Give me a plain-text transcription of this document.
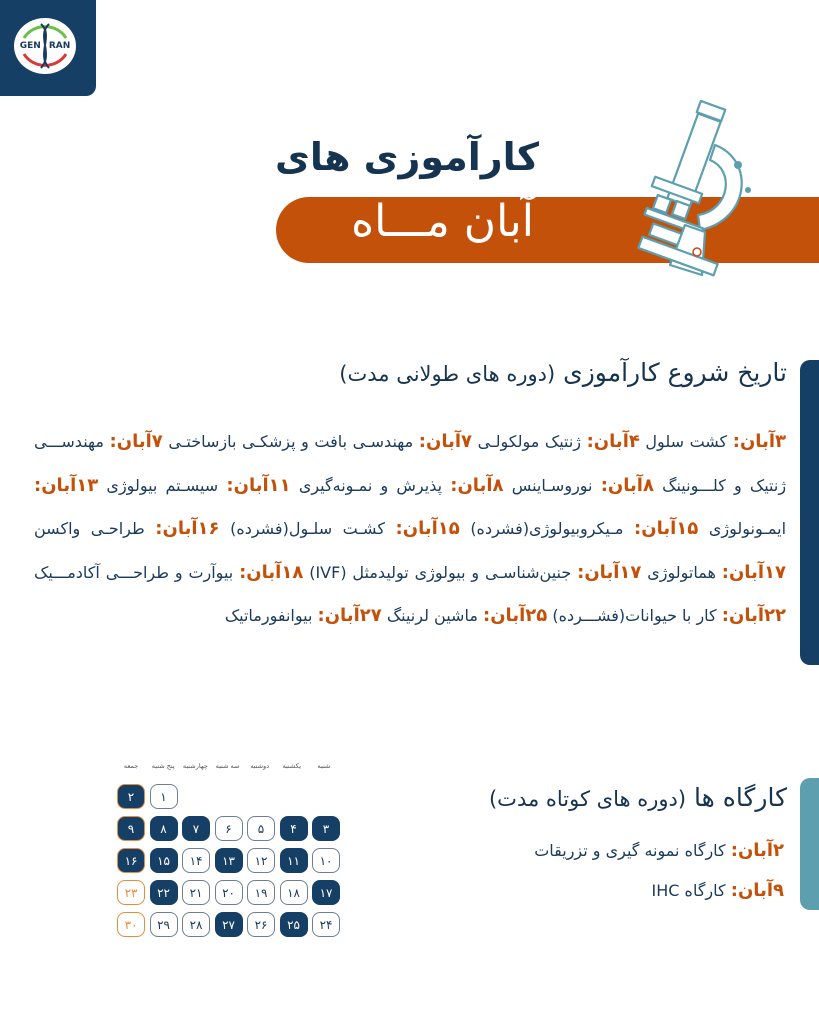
GEN RAN
کارآموزی های
آبان مـــاه
تاریخ شروع کارآموزی (دوره های طولانی مدت)
۳آبان: کشت سلول ۴آبان: ژنتیک مولکولـی ۷آبان: مهندسـی بافت و پزشکـی بازساختـی ۷آبان: مهندســـی ژنتیک و کلـــونینگ ۸آبان: نوروسـاینس ۸آبان: پذیرش و نمـونه‌گیری ۱۱آبان: سیسـتم بیولوژی ۱۳آبان: ایمـونولوژی ۱۵آبان: مـیکروبیولوژی(فشرده) ۱۵آبان: کشـت سلـول(فشرده) ۱۶آبان: طراحـی واکسن ۱۷آبان: هماتولوژی ۱۷آبان: جنین‌شناسـی و بیولوژی تولیدمثل (IVF) ۱۸آبان: بیوآرت و طراحـــی آکادمـــیک ۲۲آبان: کار با حیوانات(فشـــرده) ۲۵آبان: ماشین لرنینگ ۲۷آبان: بیوانفورماتیک
کارگاه ها (دوره های کوتاه مدت)
۲آبان: کارگاه نمونه گیری و تزریقات
۹آبان: کارگاه IHC
شنبه
یکشنبه
دوشنبه
سه شنبه
چهارشنبه
پنج شنبه
جمعه
۱
۲
۳
۴
۵
۶
۷
۸
۹
۱۰
۱۱
۱۲
۱۳
۱۴
۱۵
۱۶
۱۷
۱۸
۱۹
۲۰
۲۱
۲۲
۲۳
۲۴
۲۵
۲۶
۲۷
۲۸
۲۹
۳۰
